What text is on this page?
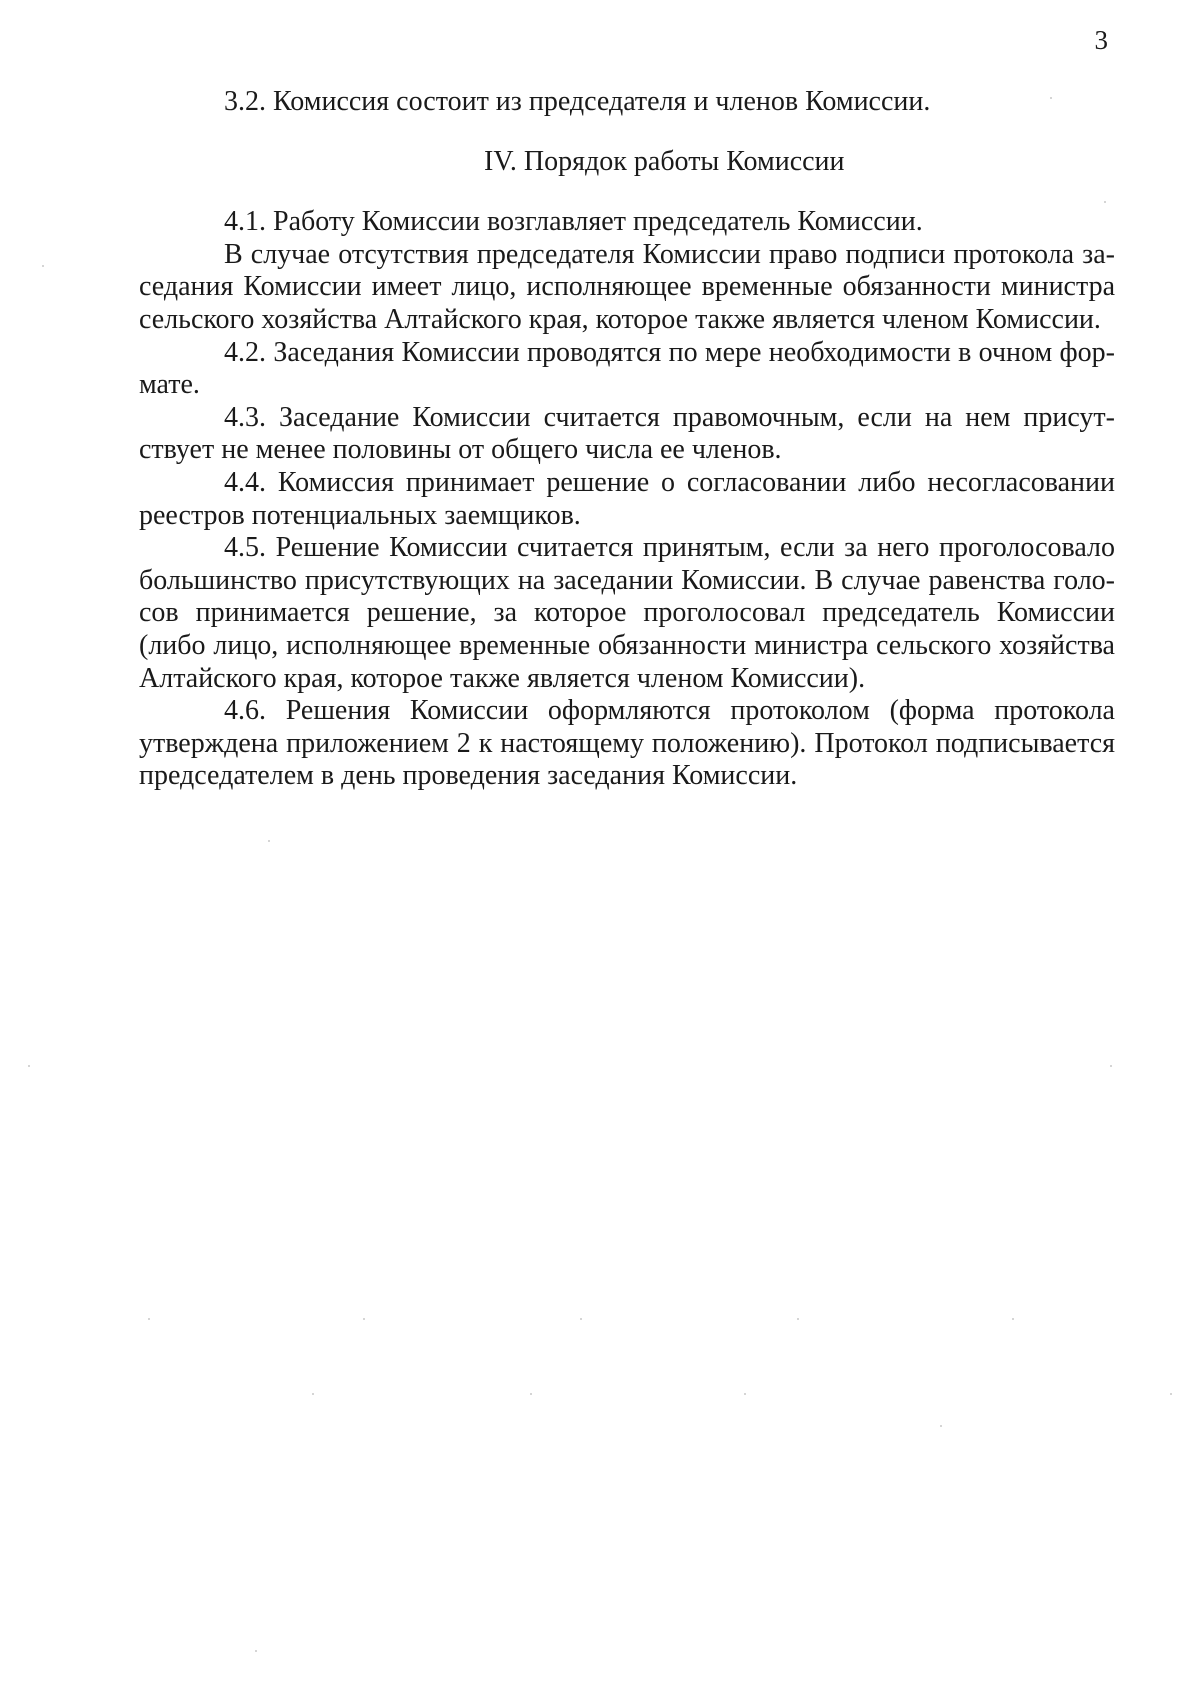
3

3.2. Комиссия состоит из председателя и членов Комиссии.

IV. Порядок работы Комиссии

4.1. Работу Комиссии возглавляет председатель Комиссии.

В случае отсутствия председателя Комиссии право подписи протокола заседания Комиссии имеет лицо, исполняющее временные обязанности министра сельского хозяйства Алтайского края, которое также является членом Комиссии.

4.2. Заседания Комиссии проводятся по мере необходимости в очном формате.

4.3. Заседание Комиссии считается правомочным, если на нем присутствует не менее половины от общего числа ее членов.

4.4. Комиссия принимает решение о согласовании либо несогласовании реестров потенциальных заемщиков.

4.5. Решение Комиссии считается принятым, если за него проголосовало большинство присутствующих на заседании Комиссии. В случае равенства голосов принимается решение, за которое проголосовал председатель Комиссии (либо лицо, исполняющее временные обязанности министра сельского хозяйства Алтайского края, которое также является членом Комиссии).

4.6. Решения Комиссии оформляются протоколом (форма протокола утверждена приложением 2 к настоящему положению). Протокол подписывается председателем в день проведения заседания Комиссии.
